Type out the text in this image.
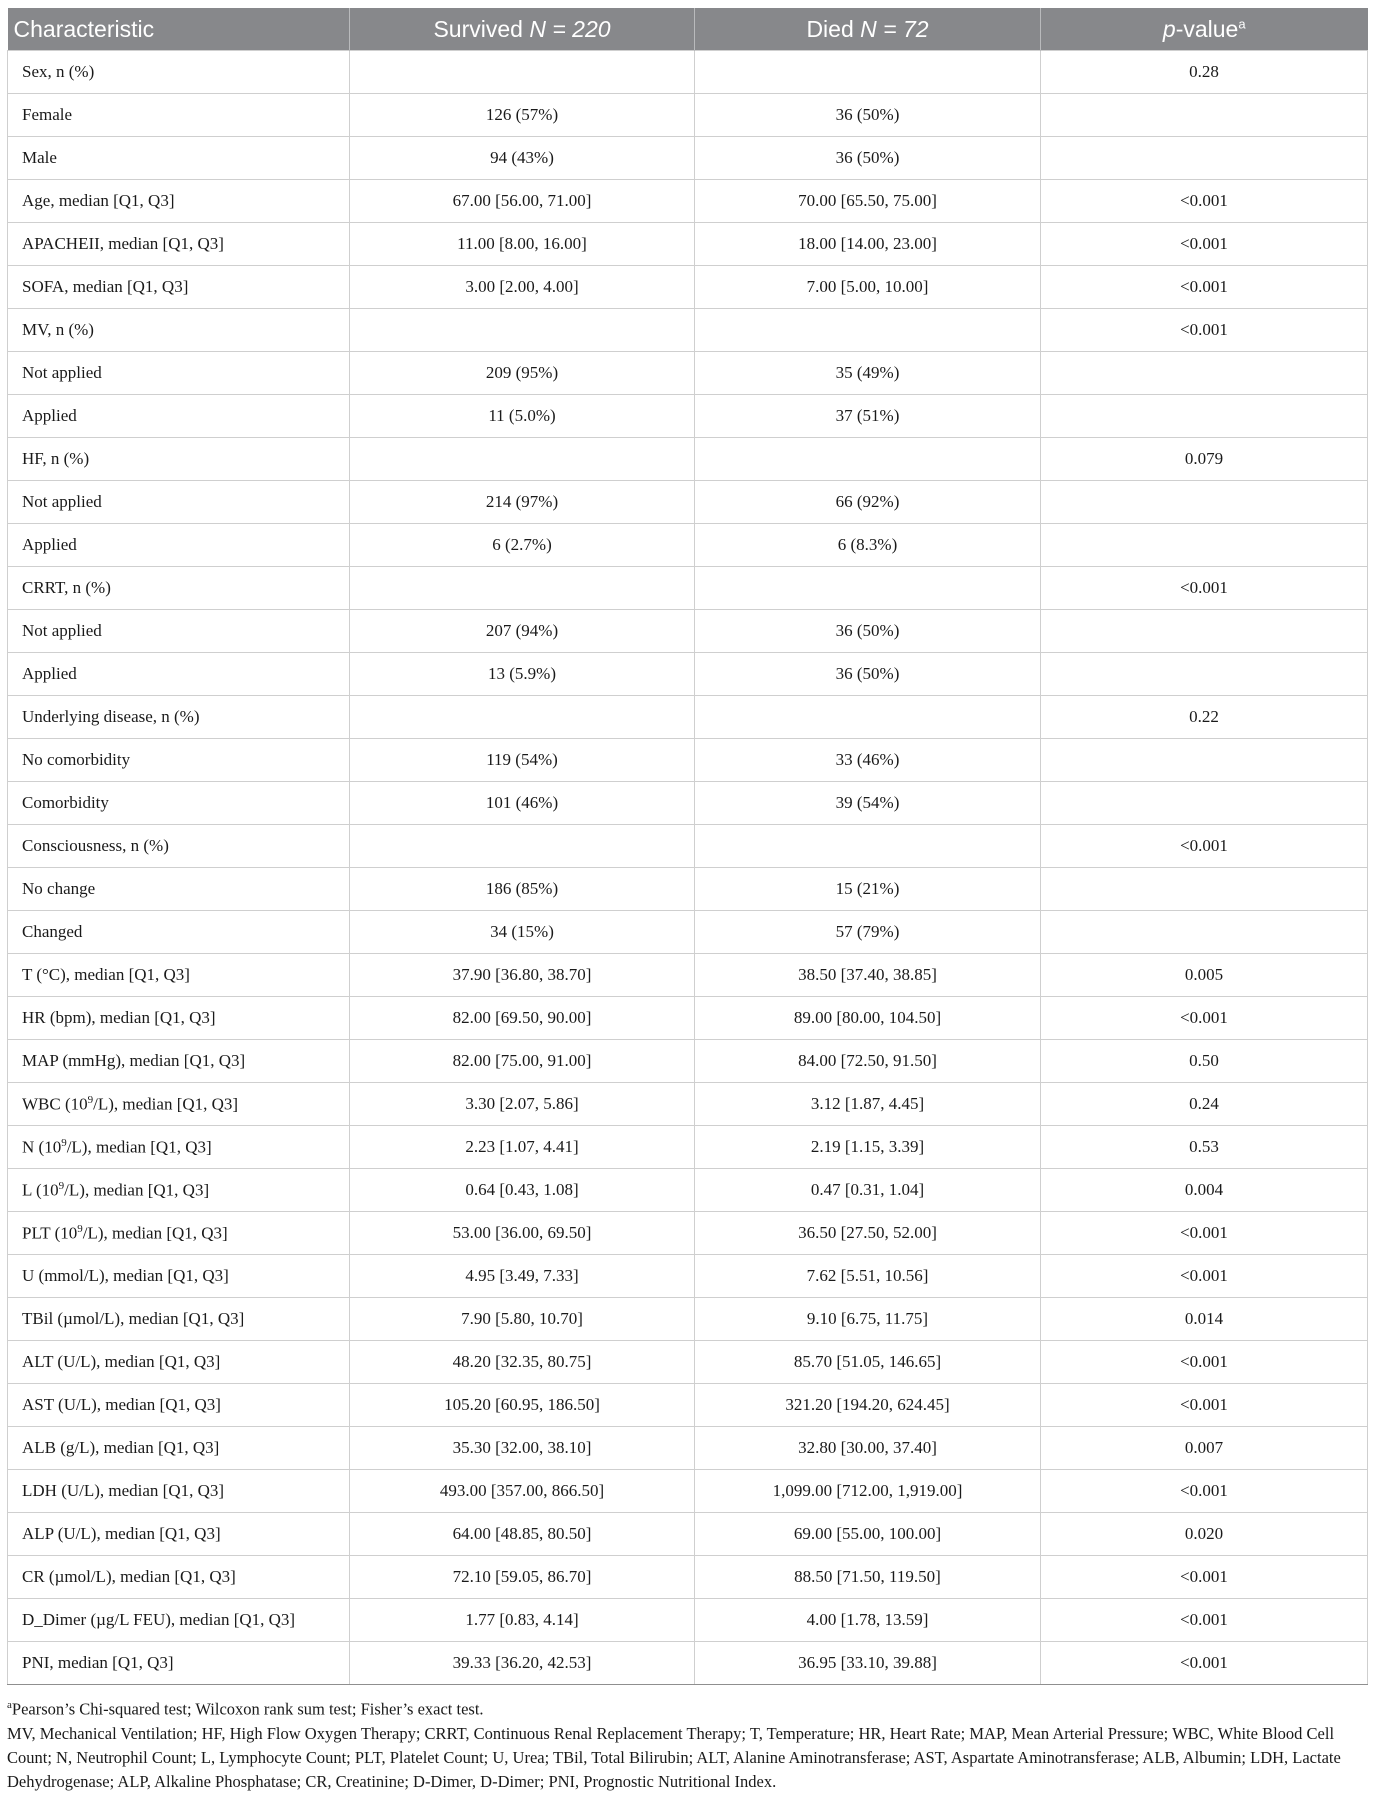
Characteristic	Survived N = 220	Died N = 72	p-value$^a$
Sex, n (%)			0.28
Female	126 (57%)	36 (50%)	
Male	94 (43%)	36 (50%)	
Age, median [Q1, Q3]	67.00 [56.00, 71.00]	70.00 [65.50, 75.00]	<0.001
APACHEII, median [Q1, Q3]	11.00 [8.00, 16.00]	18.00 [14.00, 23.00]	<0.001
SOFA, median [Q1, Q3]	3.00 [2.00, 4.00]	7.00 [5.00, 10.00]	<0.001
MV, n (%)			<0.001
Not applied	209 (95%)	35 (49%)	
Applied	11 (5.0%)	37 (51%)	
HF, n (%)			0.079
Not applied	214 (97%)	66 (92%)	
Applied	6 (2.7%)	6 (8.3%)	
CRRT, n (%)			<0.001
Not applied	207 (94%)	36 (50%)	
Applied	13 (5.9%)	36 (50%)	
Underlying disease, n (%)			0.22
No comorbidity	119 (54%)	33 (46%)	
Comorbidity	101 (46%)	39 (54%)	
Consciousness, n (%)			<0.001
No change	186 (85%)	15 (21%)	
Changed	34 (15%)	57 (79%)	
T (°C), median [Q1, Q3]	37.90 [36.80, 38.70]	38.50 [37.40, 38.85]	0.005
HR (bpm), median [Q1, Q3]	82.00 [69.50, 90.00]	89.00 [80.00, 104.50]	<0.001
MAP (mmHg), median [Q1, Q3]	82.00 [75.00, 91.00]	84.00 [72.50, 91.50]	0.50
WBC $(10^9/L)$, median [Q1, Q3]	3.30 [2.07, 5.86]	3.12 [1.87, 4.45]	0.24
N $(10^9/L)$, median [Q1, Q3]	2.23 [1.07, 4.41]	2.19 [1.15, 3.39]	0.53
L $(10^9/L)$, median [Q1, Q3]	0.64 [0.43, 1.08]	0.47 [0.31, 1.04]	0.004
PLT $(10^9/L)$, median [Q1, Q3]	53.00 [36.00, 69.50]	36.50 [27.50, 52.00]	<0.001
U (mmol/L), median [Q1, Q3]	4.95 [3.49, 7.33]	7.62 [5.51, 10.56]	<0.001
TBil (µmol/L), median [Q1, Q3]	7.90 [5.80, 10.70]	9.10 [6.75, 11.75]	0.014
ALT (U/L), median [Q1, Q3]	48.20 [32.35, 80.75]	85.70 [51.05, 146.65]	<0.001
AST (U/L), median [Q1, Q3]	105.20 [60.95, 186.50]	321.20 [194.20, 624.45]	<0.001
ALB (g/L), median [Q1, Q3]	35.30 [32.00, 38.10]	32.80 [30.00, 37.40]	0.007
LDH (U/L), median [Q1, Q3]	493.00 [357.00, 866.50]	1,099.00 [712.00, 1,919.00]	<0.001
ALP (U/L), median [Q1, Q3]	64.00 [48.85, 80.50]	69.00 [55.00, 100.00]	0.020
CR (µmol/L), median [Q1, Q3]	72.10 [59.05, 86.70]	88.50 [71.50, 119.50]	<0.001
D_Dimer (µg/L FEU), median [Q1, Q3]	1.77 [0.83, 4.14]	4.00 [1.78, 13.59]	<0.001
PNI, median [Q1, Q3]	39.33 [36.20, 42.53]	36.95 [33.10, 39.88]	<0.001

$^a$Pearson’s Chi-squared test; Wilcoxon rank sum test; Fisher’s exact test.

MV, Mechanical Ventilation; HF, High Flow Oxygen Therapy; CRRT, Continuous Renal Replacement Therapy; T, Temperature; HR, Heart Rate; MAP, Mean Arterial Pressure; WBC, White Blood Cell Count; N, Neutrophil Count; L, Lymphocyte Count; PLT, Platelet Count; U, Urea; TBil, Total Bilirubin; ALT, Alanine Aminotransferase; AST, Aspartate Aminotransferase; ALB, Albumin; LDH, Lactate Dehydrogenase; ALP, Alkaline Phosphatase; CR, Creatinine; D-Dimer, D-Dimer; PNI, Prognostic Nutritional Index.
